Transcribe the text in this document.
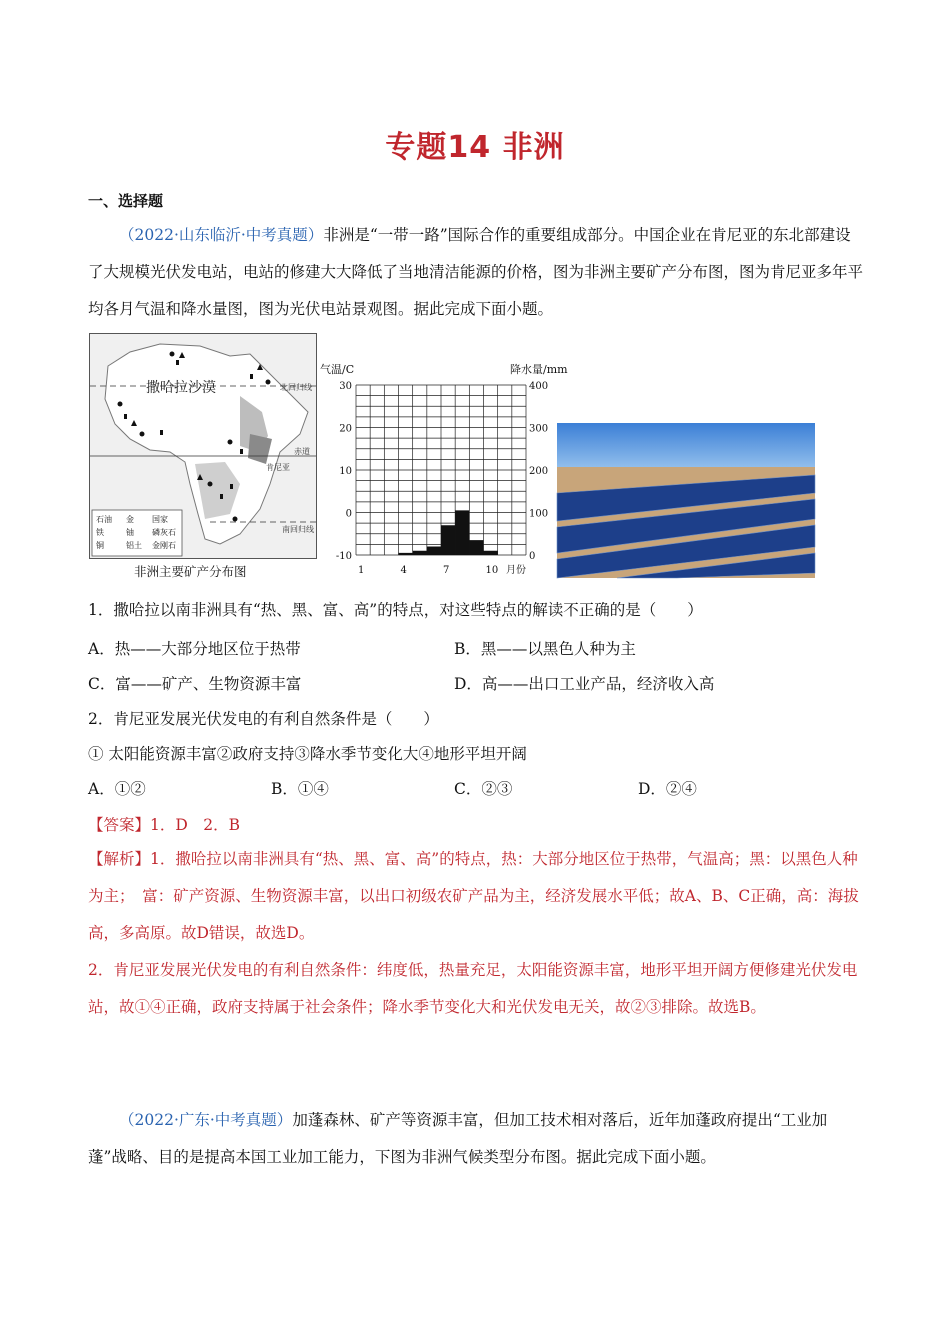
专题14 非洲
一、选择题
（2022·山东临沂·中考真题）非洲是“一带一路”国际合作的重要组成部分。中国企业在肯尼亚的东北部建设了大规模光伏发电站，电站的修建大大降低了当地清洁能源的价格，图为非洲主要矿产分布图，图为肯尼亚多年平均各月气温和降水量图，图为光伏电站景观图。据此完成下面小题。
撒哈拉沙漠	北回归线
赤道
肯尼亚
南回归线
石油 金 国家
铁	铀 磷灰石
铜	铝土 金刚石
非洲主要矿产分布图
30
20
10
0
-10
400
300
200
100
0
1	4	7	10 月份
气温/C	降水量/mm
1．撒哈拉以南非洲具有“热、黑、富、高”的特点，对这些特点的解读不正确的是（　　）
A．热——大部分地区位于热带	B．黑——以黑色人种为主
C．富——矿产、生物资源丰富	D．高——出口工业产品，经济收入高
2．肯尼亚发展光伏发电的有利自然条件是（　　）
① 太阳能资源丰富②政府支持③降水季节变化大④地形平坦开阔
A．①②	B．①④	C．②③	D．②④
【答案】1．D　2．B
【解析】1．撒哈拉以南非洲具有“热、黑、富、高”的特点，热：大部分地区位于热带，气温高；黑：以黑色人种为主；　富：矿产资源、生物资源丰富，以出口初级农矿产品为主，经济发展水平低；故A、B、C正确，高：海拔高，多高原。故D错误，故选D。
2．肯尼亚发展光伏发电的有利自然条件：纬度低，热量充足，太阳能资源丰富，地形平坦开阔方便修建光伏发电站，故①④正确，政府支持属于社会条件；降水季节变化大和光伏发电无关，故②③排除。故选B。
（2022·广东·中考真题）加蓬森林、矿产等资源丰富，但加工技术相对落后，近年加蓬政府提出“工业加蓬”战略、目的是提高本国工业加工能力，下图为非洲气候类型分布图。据此完成下面小题。
